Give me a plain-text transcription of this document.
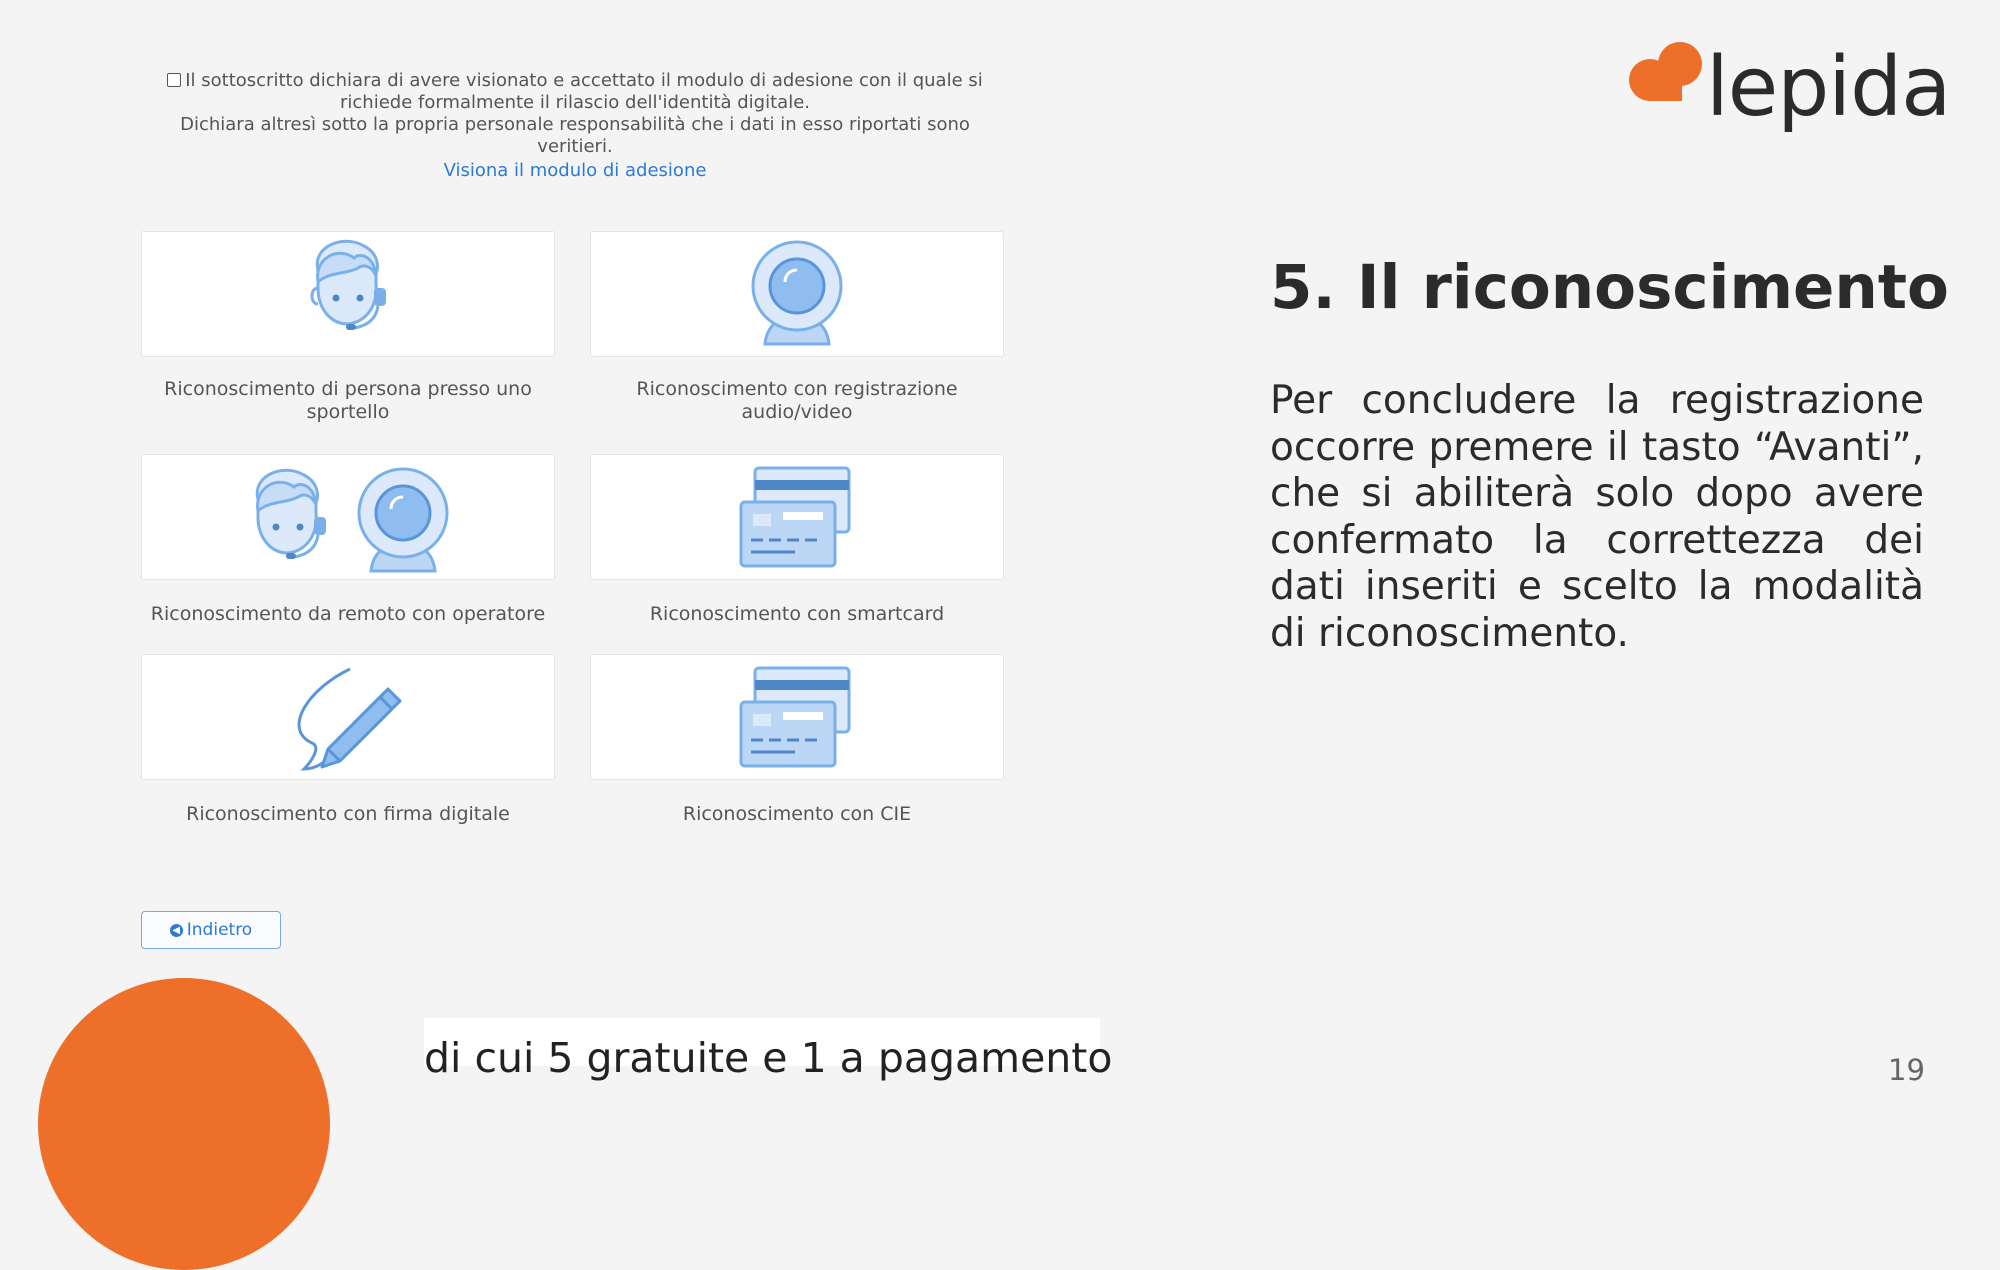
Il sottoscritto dichiara di avere visionato e accettato il modulo di adesione con il quale si
richiede formalmente il rilascio dell'identità digitale.
Dichiara altresì sotto la propria personale responsabilità che i dati in esso riportati sono
veritieri.
Visiona il modulo di adesione
Riconoscimento di persona presso uno
sportello
Riconoscimento con registrazione
audio/video
Riconoscimento da remoto con operatore	Riconoscimento con smartcard
Riconoscimento con firma digitale	Riconoscimento con CIE
◀ Indietro
di cui 5 gratuite e 1 a pagamento	19
lepida
5. Il riconoscimento
Per concludere la registrazione occorre premere il tasto “Avanti”, che si abiliterà solo dopo avere confermato la correttezza dei dati inseriti e scelto la modalità di riconoscimento.
